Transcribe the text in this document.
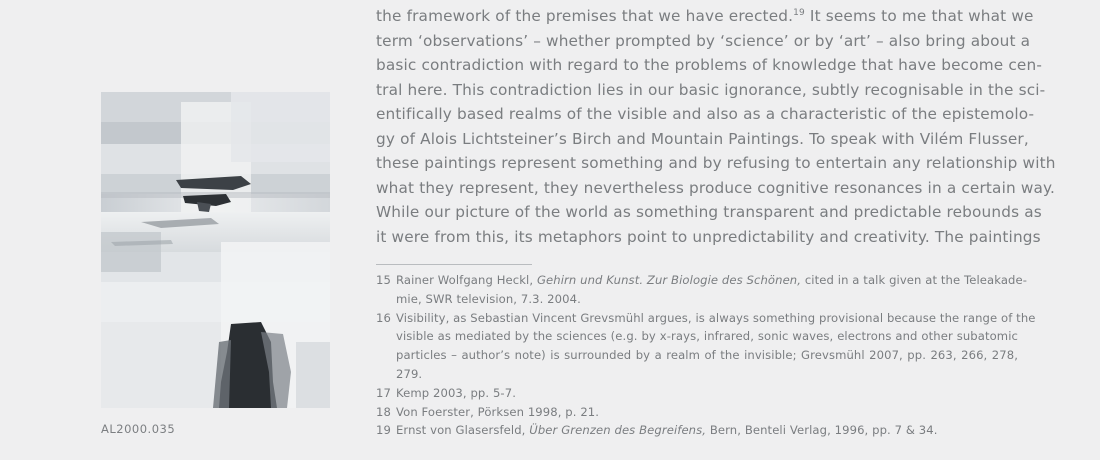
AL2000.035
the framework of the premises that we have erected.$^{19}$ It seems to me that what we
term ‘observations’ – whether prompted by ‘science’ or by ‘art’ – also bring about a
basic contradiction with regard to the problems of knowledge that have become cen-
tral here. This contradiction lies in our basic ignorance, subtly recognisable in the sci-
entifically based realms of the visible and also as a characteristic of the epistemolo-
gy of Alois Lichtsteiner’s Birch and Mountain Paintings. To speak with Vilém Flusser,
these paintings represent something and by refusing to entertain any relationship with
what they represent, they nevertheless produce cognitive resonances in a certain way.
While our picture of the world as something transparent and predictable rebounds as
it were from this, its metaphors point to unpredictability and creativity. The paintings
15 Rainer Wolfgang Heckl, Gehirn und Kunst. Zur Biologie des Schönen, cited in a talk given at the Teleakade-
mie, SWR television, 7.3. 2004.
16 Visibility, as Sebastian Vincent Grevsmühl argues, is always something provisional because the range of the
visible as mediated by the sciences (e.g. by x-rays, infrared, sonic waves, electrons and other subatomic
particles – author’s note) is surrounded by a realm of the invisible; Grevsmühl 2007, pp. 263, 266, 278,
279.
17 Kemp 2003, pp. 5-7.
18 Von Foerster, Pörksen 1998, p. 21.
19 Ernst von Glasersfeld, Über Grenzen des Begreifens, Bern, Benteli Verlag, 1996, pp. 7 & 34.
